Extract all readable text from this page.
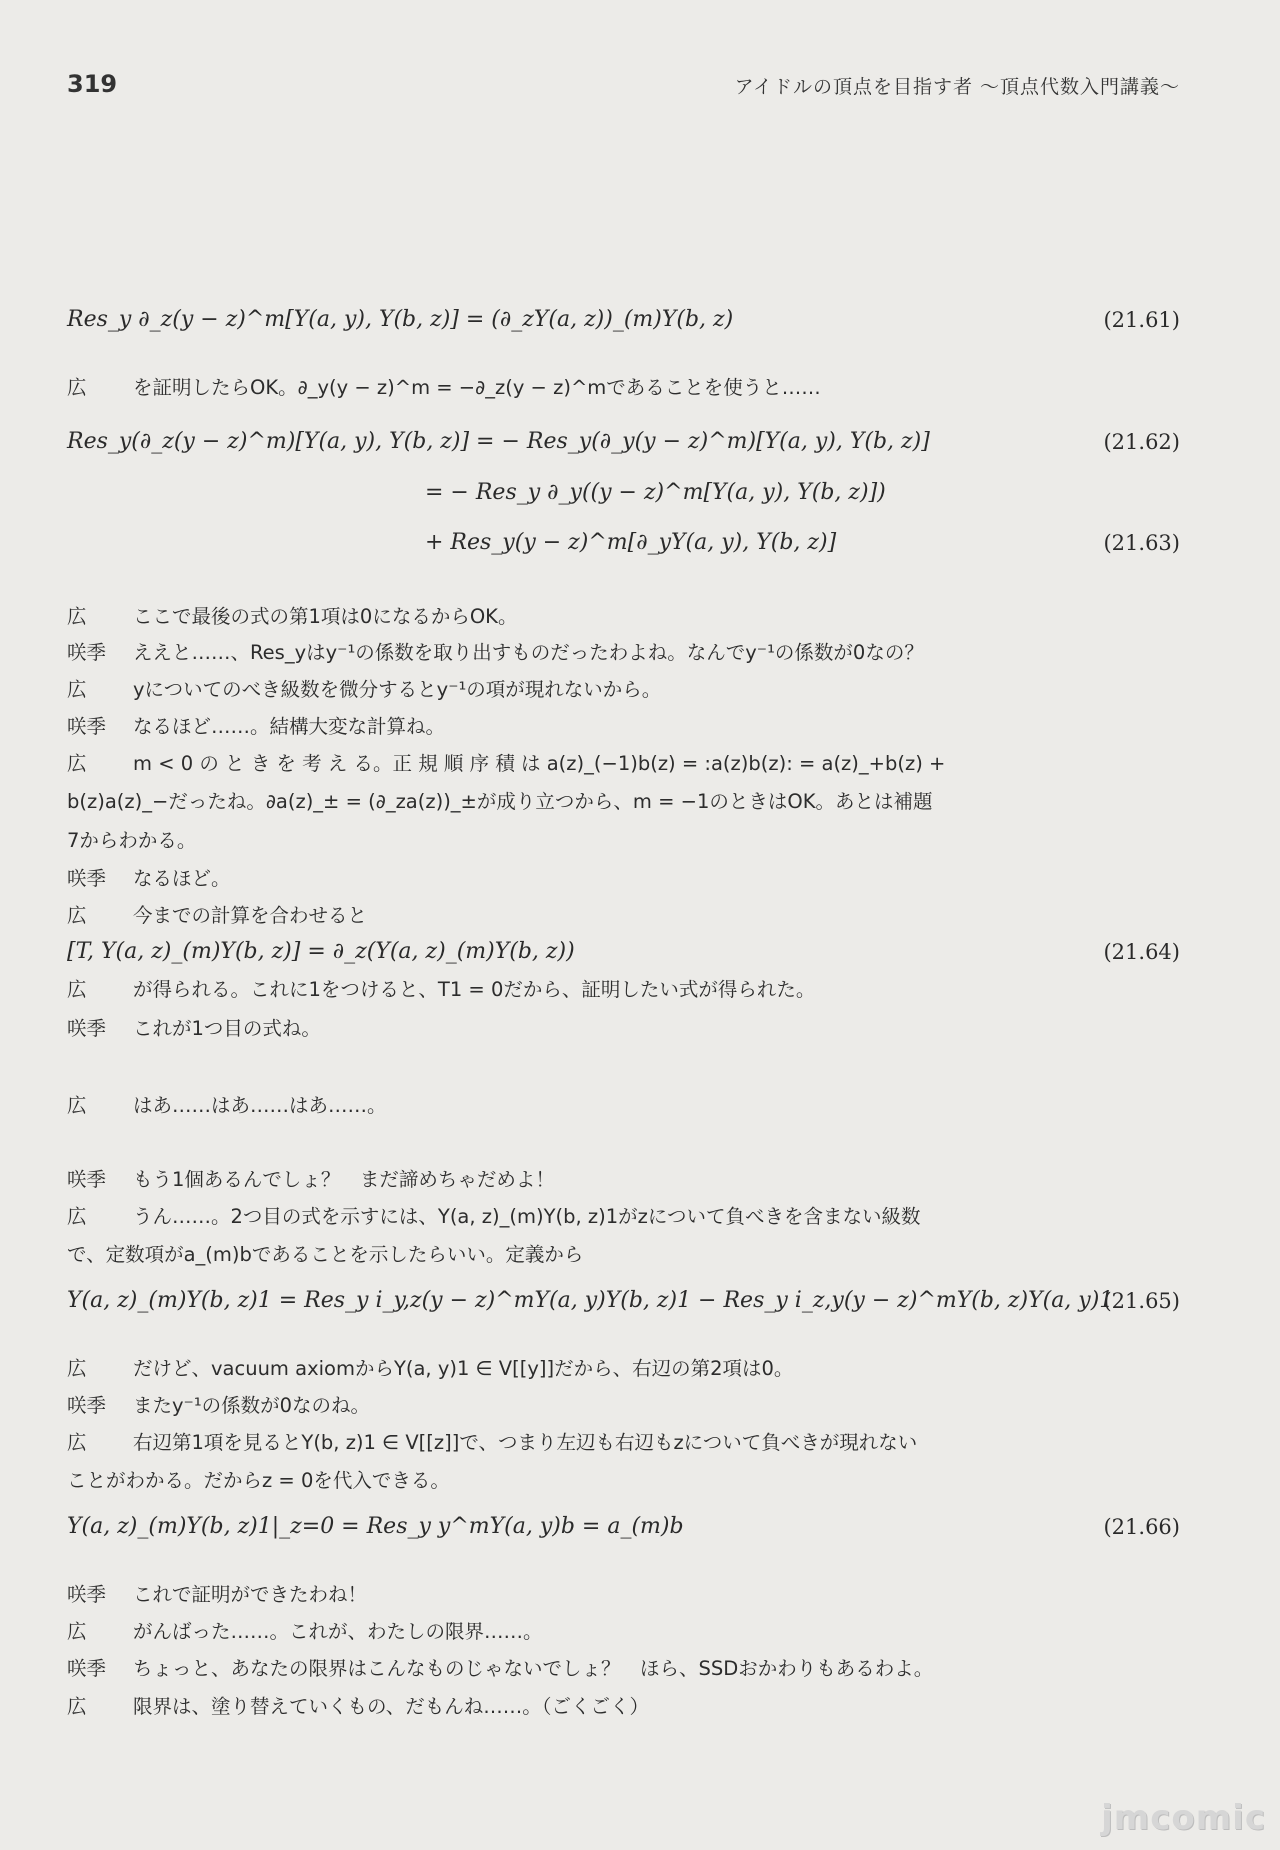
319	アイドルの頂点を目指す者 〜頂点代数入門講義〜
Res_y ∂_z(y − z)^m[Y(a, y), Y(b, z)] = (∂_zY(a, z))_(m)Y(b, z)	(21.61)
広	を証明したらOK。∂_y(y − z)^m = −∂_z(y − z)^mであることを使うと……
Res_y(∂_z(y − z)^m)[Y(a, y), Y(b, z)] = − Res_y(∂_y(y − z)^m)[Y(a, y), Y(b, z)]	(21.62)
= − Res_y ∂_y((y − z)^m[Y(a, y), Y(b, z)])
+ Res_y(y − z)^m[∂_yY(a, y), Y(b, z)]	(21.63)
広	ここで最後の式の第1項は0になるからOK。
咲季	ええと……、Res_yはy⁻¹の係数を取り出すものだったわよね。なんでy⁻¹の係数が0なの？
広	yについてのべき級数を微分するとy⁻¹の項が現れないから。
咲季	なるほど……。結構大変な計算ね。
広	m < 0 の と き を 考 え る。正 規 順 序 積 は a(z)_(−1)b(z) = :a(z)b(z): = a(z)_+b(z) +
b(z)a(z)_−だったね。∂a(z)_± = (∂_za(z))_±が成り立つから、m = −1のときはOK。あとは補題
7からわかる。
咲季	なるほど。
広	今までの計算を合わせると
[T, Y(a, z)_(m)Y(b, z)] = ∂_z(Y(a, z)_(m)Y(b, z))	(21.64)
広	が得られる。これに1をつけると、T1 = 0だから、証明したい式が得られた。
咲季	これが1つ目の式ね。
広	はあ……はあ……はあ……。
咲季	もう1個あるんでしょ？　まだ諦めちゃだめよ！
広	うん……。2つ目の式を示すには、Y(a, z)_(m)Y(b, z)1がzについて負べきを含まない級数
で、定数項がa_(m)bであることを示したらいい。定義から
Y(a, z)_(m)Y(b, z)1 = Res_y i_y,z(y − z)^mY(a, y)Y(b, z)1 − Res_y i_z,y(y − z)^mY(b, z)Y(a, y)1
(21.65)
広	だけど、vacuum axiomからY(a, y)1 ∈ V[[y]]だから、右辺の第2項は0。
咲季	またy⁻¹の係数が0なのね。
広	右辺第1項を見るとY(b, z)1 ∈ V[[z]]で、つまり左辺も右辺もzについて負べきが現れない
ことがわかる。だからz = 0を代入できる。
Y(a, z)_(m)Y(b, z)1|_z=0 = Res_y y^mY(a, y)b = a_(m)b	(21.66)
咲季	これで証明ができたわね！
広	がんばった……。これが、わたしの限界……。
咲季	ちょっと、あなたの限界はこんなものじゃないでしょ？　ほら、SSDおかわりもあるわよ。
広	限界は、塗り替えていくもの、だもんね……。（ごくごく）
jmcomic
